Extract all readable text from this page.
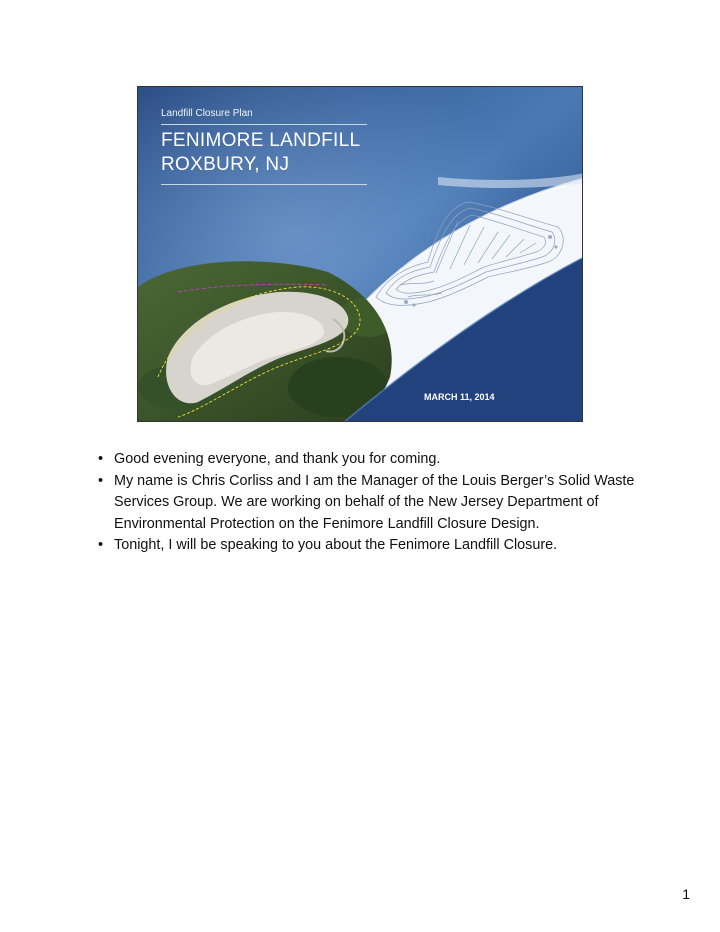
Landfill Closure Plan
FENIMORE LANDFILL
ROXBURY, NJ
MARCH 11, 2014
• Good evening everyone, and thank you for coming.
• My name is Chris Corliss and I am the Manager of the Louis Berger’s Solid Waste Services Group. We are working on behalf of the New Jersey Department of Environmental Protection on the Fenimore Landfill Closure Design.
• Tonight, I will be speaking to you about the Fenimore Landfill Closure.
1
